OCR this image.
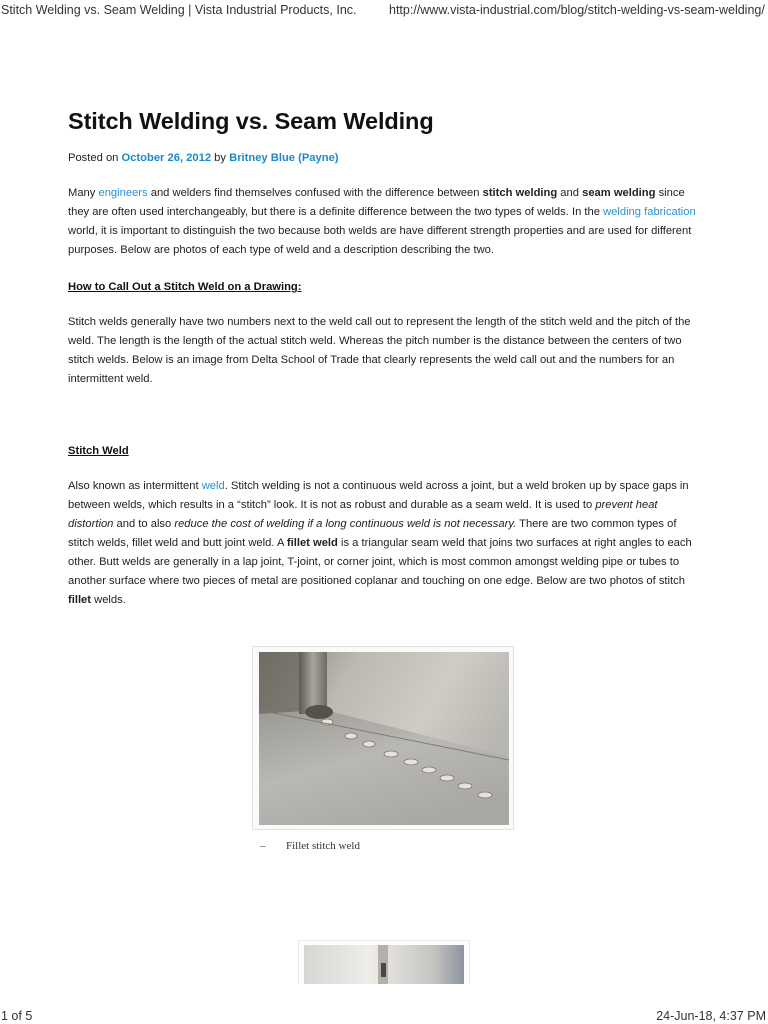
Stitch Welding vs. Seam Welding | Vista Industrial Products, Inc.	http://www.vista-industrial.com/blog/stitch-welding-vs-seam-welding/
Stitch Welding vs. Seam Welding
Posted on October 26, 2012 by Britney Blue (Payne)

Many engineers and welders find themselves confused with the difference between stitch welding and seam welding since they are often used interchangeably, but there is a definite difference between the two types of welds. In the welding fabrication world, it is important to distinguish the two because both welds are have different strength properties and are used for different purposes. Below are photos of each type of weld and a description describing the two.

How to Call Out a Stitch Weld on a Drawing:

Stitch welds generally have two numbers next to the weld call out to represent the length of the stitch weld and the pitch of the weld. The length is the length of the actual stitch weld. Whereas the pitch number is the distance between the centers of two stitch welds. Below is an image from Delta School of Trade that clearly represents the weld call out and the numbers for an intermittent weld.

Stitch Weld

Also known as intermittent weld. Stitch welding is not a continuous weld across a joint, but a weld broken up by space gaps in between welds, which results in a “stitch” look. It is not as robust and durable as a seam weld. It is used to prevent heat distortion and to also reduce the cost of welding if a long continuous weld is not necessary. There are two common types of stitch welds, fillet weld and butt joint weld. A fillet weld is a triangular seam weld that joins two surfaces at right angles to each other. Butt welds are generally in a lap joint, T-joint, or corner joint, which is most common amongst welding pipe or tubes to another surface where two pieces of metal are positioned coplanar and touching on one edge. Below are two photos of stitch fillet welds.

– Fillet stitch weld
1 of 5	24-Jun-18, 4:37 PM
